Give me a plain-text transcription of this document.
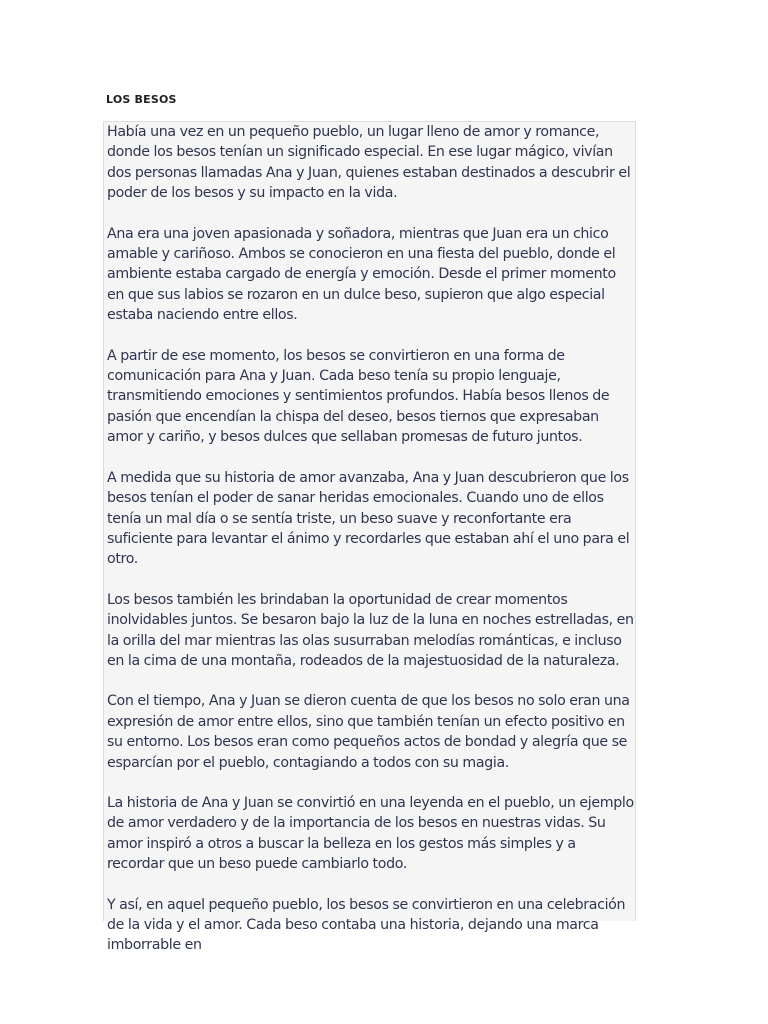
LOS BESOS

Había una vez en un pequeño pueblo, un lugar lleno de amor y romance, donde los besos tenían un significado especial. En ese lugar mágico, vivían dos personas llamadas Ana y Juan, quienes estaban destinados a descubrir el poder de los besos y su impacto en la vida.

Ana era una joven apasionada y soñadora, mientras que Juan era un chico amable y cariñoso. Ambos se conocieron en una fiesta del pueblo, donde el ambiente estaba cargado de energía y emoción. Desde el primer momento en que sus labios se rozaron en un dulce beso, supieron que algo especial estaba naciendo entre ellos.

A partir de ese momento, los besos se convirtieron en una forma de comunicación para Ana y Juan. Cada beso tenía su propio lenguaje, transmitiendo emociones y sentimientos profundos. Había besos llenos de pasión que encendían la chispa del deseo, besos tiernos que expresaban amor y cariño, y besos dulces que sellaban promesas de futuro juntos.

A medida que su historia de amor avanzaba, Ana y Juan descubrieron que los besos tenían el poder de sanar heridas emocionales. Cuando uno de ellos tenía un mal día o se sentía triste, un beso suave y reconfortante era suficiente para levantar el ánimo y recordarles que estaban ahí el uno para el otro.

Los besos también les brindaban la oportunidad de crear momentos inolvidables juntos. Se besaron bajo la luz de la luna en noches estrelladas, en la orilla del mar mientras las olas susurraban melodías románticas, e incluso en la cima de una montaña, rodeados de la majestuosidad de la naturaleza.

Con el tiempo, Ana y Juan se dieron cuenta de que los besos no solo eran una expresión de amor entre ellos, sino que también tenían un efecto positivo en su entorno. Los besos eran como pequeños actos de bondad y alegría que se esparcían por el pueblo, contagiando a todos con su magia.

La historia de Ana y Juan se convirtió en una leyenda en el pueblo, un ejemplo de amor verdadero y de la importancia de los besos en nuestras vidas. Su amor inspiró a otros a buscar la belleza en los gestos más simples y a recordar que un beso puede cambiarlo todo.

Y así, en aquel pequeño pueblo, los besos se convirtieron en una celebración de la vida y el amor. Cada beso contaba una historia, dejando una marca imborrable en
